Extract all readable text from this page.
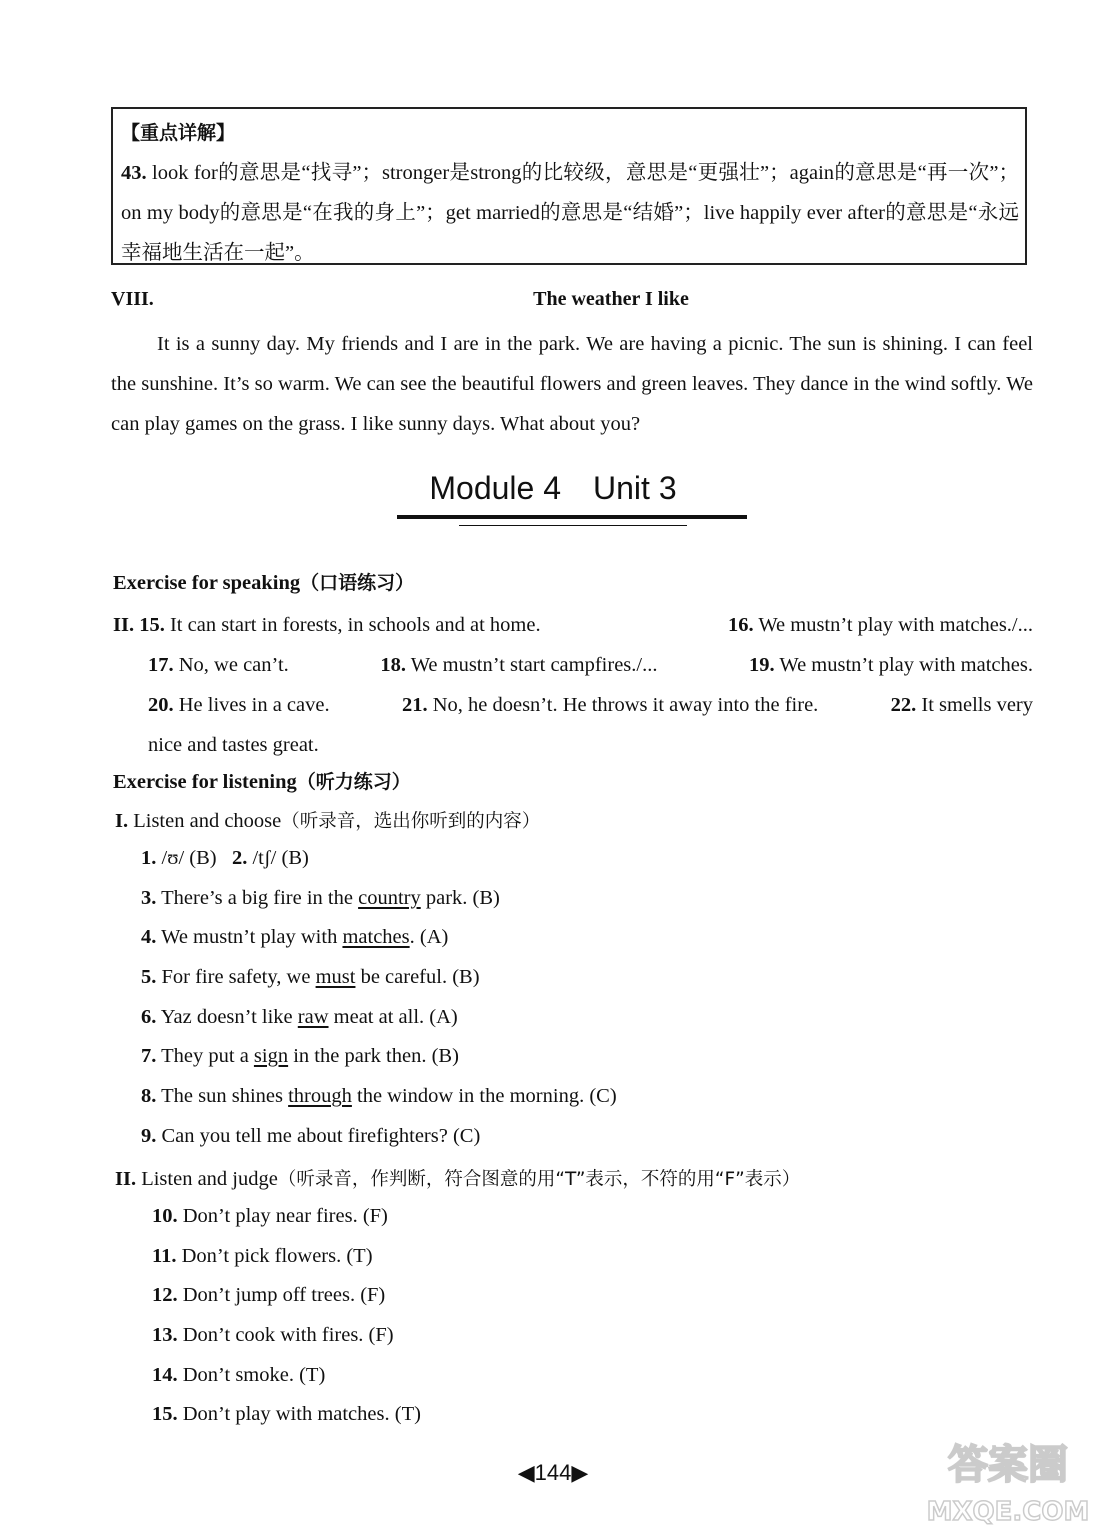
【重点详解】
43. look for的意思是“找寻”；stronger是strong的比较级，意思是“更强壮”；again的意思是“再一次”；on my body的意思是“在我的身上”；get married的意思是“结婚”；live happily ever after的意思是“永远幸福地生活在一起”。
VIII.	The weather I like
It is a sunny day. My friends and I are in the park. We are having a picnic. The sun is shining. I can feel the sunshine. It’s so warm. We can see the beautiful flowers and green leaves. They dance in the wind softly. We can play games on the grass. I like sunny days. What about you?
Module 4 Unit 3
Exercise for speaking（口语练习）
II. 15. It can start in forests, in schools and at home.	16. We mustn’t play with matches./...
17. No, we can’t.	18. We mustn’t start campfires./...	19. We mustn’t play with matches.
20. He lives in a cave.	21. No, he doesn’t. He throws it away into the fire.	22. It smells very
nice and tastes great.
Exercise for listening（听力练习）
I. Listen and choose（听录音，选出你听到的内容）
1. /ʊ/ (B) 2. /tʃ/ (B)
3. There’s a big fire in the country park. (B)
4. We mustn’t play with matches. (A)
5. For fire safety, we must be careful. (B)
6. Yaz doesn’t like raw meat at all. (A)
7. They put a sign in the park then. (B)
8. The sun shines through the window in the morning. (C)
9. Can you tell me about firefighters? (C)
II. Listen and judge（听录音，作判断，符合图意的用“T”表示，不符的用“F”表示）
10. Don’t play near fires. (F)
11. Don’t pick flowers. (T)
12. Don’t jump off trees. (F)
13. Don’t cook with fires. (F)
14. Don’t smoke. (T)
15. Don’t play with matches. (T)
◀144▶	答案圈
MXQE.COM
